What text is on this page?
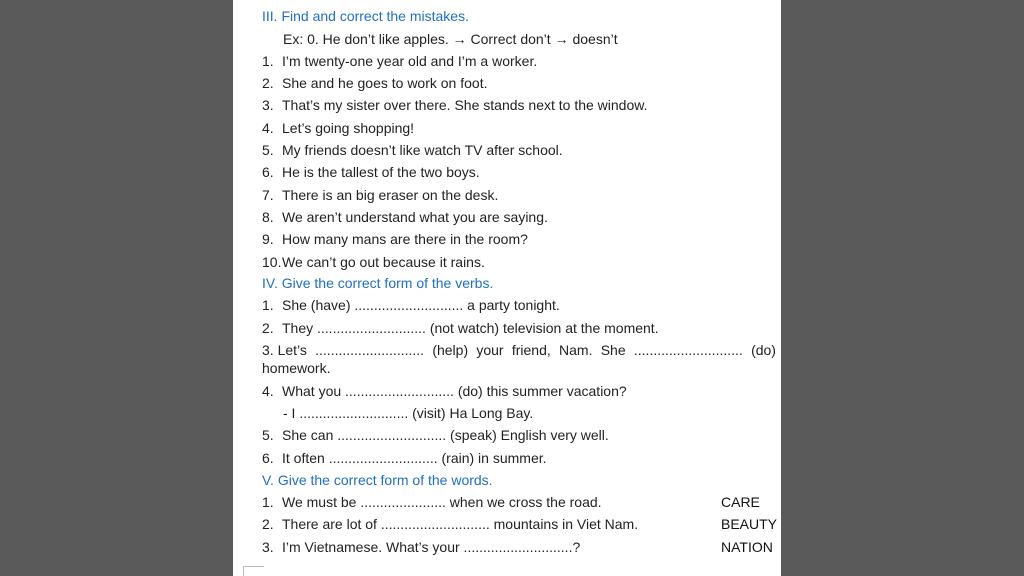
III. Find and correct the mistakes.
Ex: 0. He don’t like apples. → Correct don’t → doesn’t
1. I’m twenty-one year old and I’m a worker.
2. She and he goes to work on foot.
3. That’s my sister over there. She stands next to the window.
4. Let’s going shopping!
5. My friends doesn’t like watch TV after school.
6. He is the tallest of the two boys.
7. There is an big eraser on the desk.
8. We aren’t understand what you are saying.
9. How many mans are there in the room?
10.We can’t go out because it rains.
IV. Give the correct form of the verbs.
1. She (have) ............................ a party tonight.
2. They ............................ (not watch) television at the moment.
3. Let’s ............................ (help) your friend, Nam. She ............................ (do)
homework.
4. What you ............................ (do) this summer vacation?
- I ............................ (visit) Ha Long Bay.
5. She can ............................ (speak) English very well.
6. It often ............................ (rain) in summer.
V. Give the correct form of the words.
1. We must be ...................... when we cross the road.	CARE
2. There are lot of ............................ mountains in Viet Nam.	BEAUTY
3. I’m Vietnamese. What’s your ............................?	NATION
